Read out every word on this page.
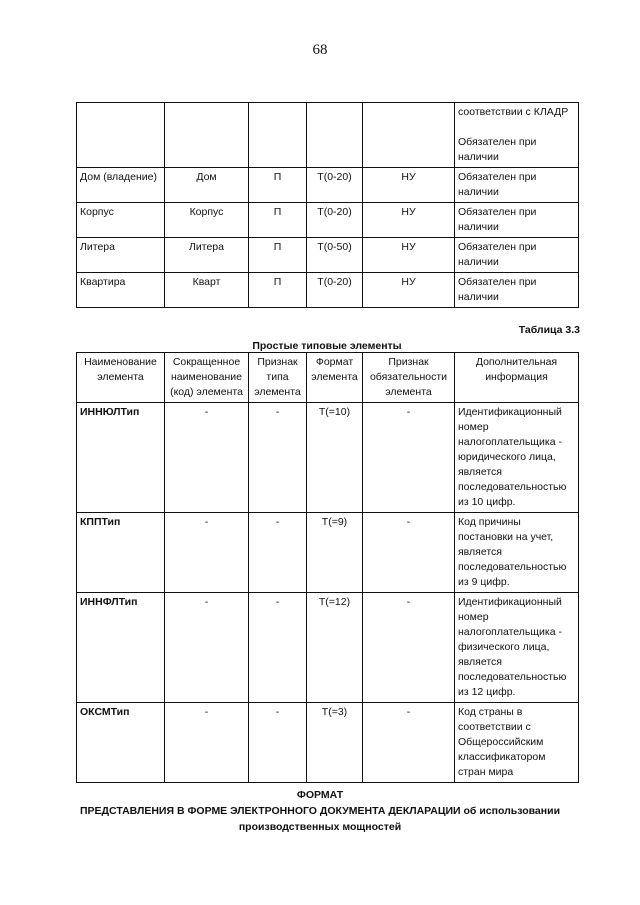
68

					соответствии с КЛАДР
Обязателен при наличии

Дом (владение)	Дом	П	Т(0-20)	НУ	Обязателен при наличии
Корпус	Корпус	П	Т(0-20)	НУ	Обязателен при наличии
Литера	Литера	П	Т(0-50)	НУ	Обязателен при наличии
Квартира	Кварт	П	Т(0-20)	НУ	Обязателен при наличии
Таблица 3.3
Простые типовые элементы
Наименование элемента	Сокращенное наименование (код) элемента	Признак типа элемента	Формат элемента	Признак обязательности элемента	Дополнительная информация
ИННЮЛТип	-	-	Т(=10)	-	Идентификационный номер налогоплательщика - юридического лица, является последовательностью из 10 цифр.
КППТип	-	-	Т(=9)	-	Код причины постановки на учет, является последовательностью из 9 цифр.
ИННФЛТип	-	-	Т(=12)	-	Идентификационный номер налогоплательщика - физического лица, является последовательностью из 12 цифр.
ОКСМТип	-	-	Т(=3)	-	Код страны в соответствии с Общероссийским классификатором стран мира
ФОРМАТ
ПРЕДСТАВЛЕНИЯ В ФОРМЕ ЭЛЕКТРОННОГО ДОКУМЕНТА ДЕКЛАРАЦИИ об использовании
производственных мощностей
